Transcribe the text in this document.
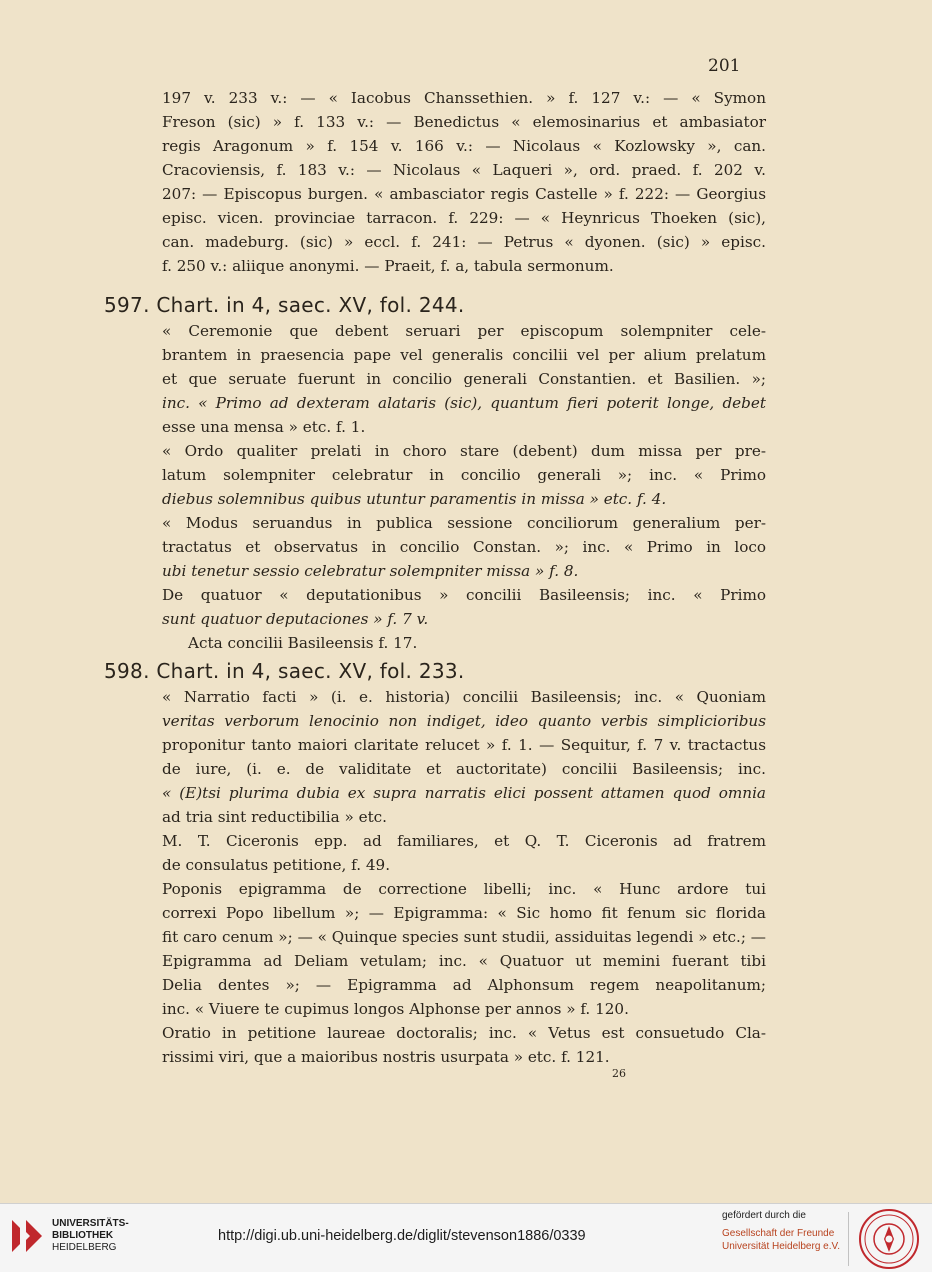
201
197 v. 233 v.: — « Iacobus Chanssethien. » f. 127 v.: — « Symon
Freson (sic) » f. 133 v.: — Benedictus « elemosinarius et ambasiator
regis Aragonum » f. 154 v. 166 v.: — Nicolaus « Kozlowsky », can.
Cracoviensis, f. 183 v.: — Nicolaus « Laqueri », ord. praed. f. 202 v.
207: — Episcopus burgen. « ambasciator regis Castelle » f. 222: — Georgius
episc. vicen. provinciae tarracon. f. 229: — « Heynricus Thoeken (sic),
can. madeburg. (sic) » eccl. f. 241: — Petrus « dyonen. (sic) » episc.
f. 250 v.: aliique anonymi. — Praeit, f. a, tabula sermonum.
597. Chart. in 4, saec. XV, fol. 244.
« Ceremonie que debent seruari per episcopum solempniter cele-
brantem in praesencia pape vel generalis concilii vel per alium prelatum
et que seruate fuerunt in concilio generali Constantien. et Basilien. »;
inc. « Primo ad dexteram alataris (sic), quantum fieri poterit longe, debet
esse una mensa » etc. f. 1.
« Ordo qualiter prelati in choro stare (debent) dum missa per pre-
latum solempniter celebratur in concilio generali »; inc. « Primo
diebus solemnibus quibus utuntur paramentis in missa » etc. f. 4.
« Modus seruandus in publica sessione conciliorum generalium per-
tractatus et observatus in concilio Constan. »; inc. « Primo in loco
ubi tenetur sessio celebratur solempniter missa » f. 8.
De quatuor « deputationibus » concilii Basileensis; inc. « Primo
sunt quatuor deputaciones » f. 7 v.
Acta concilii Basileensis f. 17.
598. Chart. in 4, saec. XV, fol. 233.
« Narratio facti » (i. e. historia) concilii Basileensis; inc. « Quoniam
veritas verborum lenocinio non indiget, ideo quanto verbis simplicioribus
proponitur tanto maiori claritate relucet » f. 1. — Sequitur, f. 7 v. tractactus
de iure, (i. e. de validitate et auctoritate) concilii Basileensis; inc.
« (E)tsi plurima dubia ex supra narratis elici possent attamen quod omnia
ad tria sint reductibilia » etc.
M. T. Ciceronis epp. ad familiares, et Q. T. Ciceronis ad fratrem
de consulatus petitione, f. 49.
Poponis epigramma de correctione libelli; inc. « Hunc ardore tui
correxi Popo libellum »; — Epigramma: « Sic homo fit fenum sic florida
fit caro cenum »; — « Quinque species sunt studii, assiduitas legendi » etc.; —
Epigramma ad Deliam vetulam; inc. « Quatuor ut memini fuerant tibi
Delia dentes »; — Epigramma ad Alphonsum regem neapolitanum;
inc. « Viuere te cupimus longos Alphonse per annos » f. 120.
Oratio in petitione laureae doctoralis; inc. « Vetus est consuetudo Cla-
rissimi viri, que a maioribus nostris usurpata » etc. f. 121.
26
UNIVERSITÄTS-
BIBLIOTHEK
HEIDELBERG
http://digi.ub.uni-heidelberg.de/diglit/stevenson1886/0339
gefördert durch die
Gesellschaft der Freunde
Universität Heidelberg e.V.
